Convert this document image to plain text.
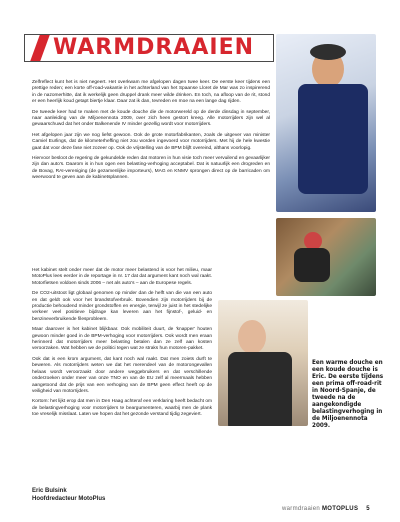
WARMDRAAIEN
Een warme douche en een koude douche is Eric. De eerste tijdens een prima off-road-rit in Noord-Spanje, de tweede na de aangekondigde belastingverhoging in de Miljoenennota 2009.

Zelfreflect kunt het is niet negeert. Het overkwam me afgelopen dagen twee keer. De eerste keer tijdens een prettige reden; een korte off-road-vakantie in het achterland van het Spaanse Lloret de Mar was zo inspirerend in de nazomerhitte, dat ik werkelijk geen druppel drank meer wilde drinken. En toch, na afloop van de rit, stond er een heerlijk koud getapt biertje klaar. Daar zat ik dan, tevreden en moe na een lange dag rijden.

De tweede keer had te maken met de koude douche die de motorwereld op de derde dinsdag in september, naar aanleiding van de Miljoenennota 2009, over zich heen gestort kreeg. Alle motorrijders zijn wel al gewaarschuwd dat het onder Balkenende IV minder gezellig wordt voor motorrijders.

Het afgelopen jaar zijn we nog liefst gewoon. Ook de grote motorfabrikanten, zoals de uitgever van minister Camiel Eurlings, dat de kilometerheffing niet zou worden ingevoerd voor motorrijders. Met hij de hele kwestie gaat dat voor deze fase niet zozeer op. Ook de vrijstelling van de BPM blijft overeind, althans voorlopig.

Hiervoor besloot de regering de gekundelde reden dat motoren in hun visie toch meer vervuilend en gevaarlijker zijn dan auto's. Daarom is in hun ogen een belasting-verhoging acceptabel. Dat is natuurlijk een drogreden en de Bovag, RAI-vereniging (de gezamenlijke importeurs), MAG en KNMV sprongen direct op de barricaden om weerwoord te geven aan de kabinetsplannen.

Het kabinet stelt onder meer dat de motor meer belastend is voor het milieu, maar MotoPlus lees eerder in de reportage in nr. 17 dat dat argument kant noch wal raakt. Motorfietsen voldoen sinds 2006 – net als auto's – aan de Europese regels.

De CO2-uitstoot ligt globaal genomen op minder dan de helft van die van een auto en dat geldt ook voor het brandstofverbruik. Bovendien zijn motorrijders bij de productie behoudend minder grondstoffen en energie, terwijl ze juist in het stedelijke verkeer veel positieve bijdrage kan leveren aan het fijnstof-, geluid- en benzineverbruikende filesprobleem.

Maar daarover is het kabinet blijkbaar. Ook mobiliteit duurt, de 'knapper' houten gewoon minder goed in de BPM-verhoging voor motorrijders. Ook wordt men eraan herinnerd dat motorrijders meer belasting betalen dan ze zelf aan kosten veroorzaken. Wat hebben we de politici tegen wat ze straks hun motoren-pakket.

Ook dat is een krom argument, dat kant noch wal raakt. Dat men zoiets durft te beweren. Als motorrijders weten we dat het merendeel van de motorongevallen helaas wordt veroorzaakt door andere weggebruikers en dat verschillende onderzoeken onder meer van onze TNO en van de EU zelf al meermaals hebben aangetoond dat de prijs van een verhoging van de BPM geen effect heeft op de veiligheid van motorrijders.

Kortom: het lijkt erop dat men in Den Haag achteraf een verklaring heeft bedacht om de belastingverhoging voor motorrijders te beargumenteren, waarbij men de plank toe vreselijk misslaat. Laten we hopen dat het gezonde verstand tijdig zegeviert.

Eric Bulsink
Hoofdredacteur MotoPlus
warmdraaien MOTOPLUS 5
